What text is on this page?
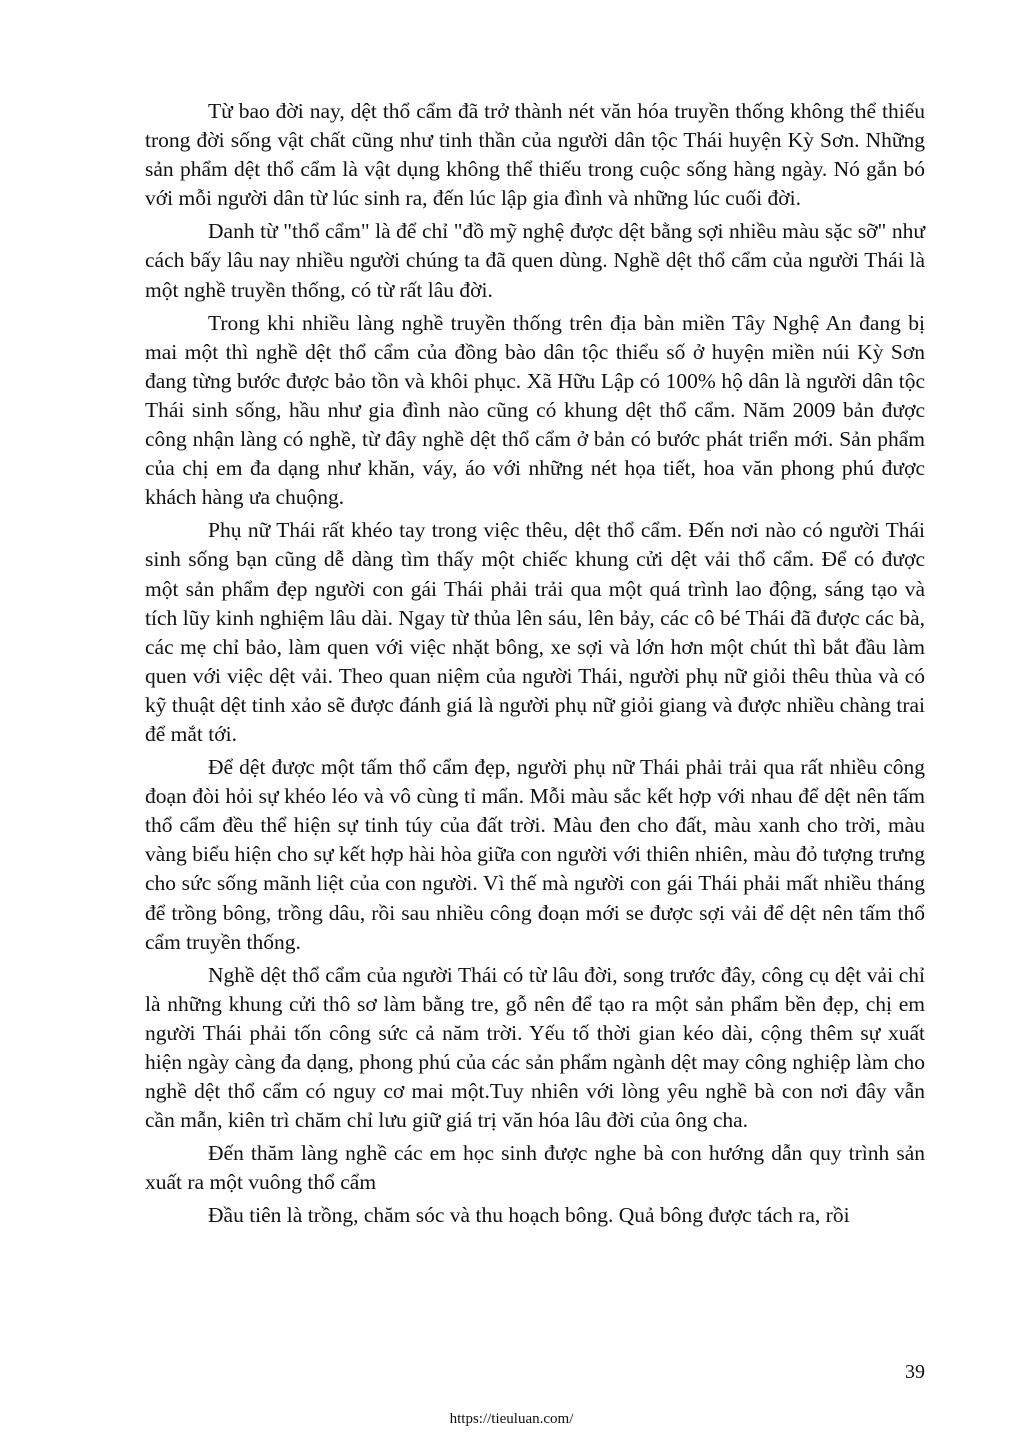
Từ bao đời nay, dệt thổ cẩm đã trở thành nét văn hóa truyền thống không thể thiếu trong đời sống vật chất cũng như tinh thần của người dân tộc Thái huyện Kỳ Sơn. Những sản phẩm dệt thổ cẩm là vật dụng không thể thiếu trong cuộc sống hàng ngày. Nó gắn bó với mỗi người dân từ lúc sinh ra, đến lúc lập gia đình và những lúc cuối đời.

Danh từ "thổ cẩm" là để chỉ "đồ mỹ nghệ được dệt bằng sợi nhiều màu sặc sỡ" như cách bấy lâu nay nhiều người chúng ta đã quen dùng. Nghề dệt thổ cẩm của người Thái là một nghề truyền thống, có từ rất lâu đời.

Trong khi nhiều làng nghề truyền thống trên địa bàn miền Tây Nghệ An đang bị mai một thì nghề dệt thổ cẩm của đồng bào dân tộc thiểu số ở huyện miền núi Kỳ Sơn đang từng bước được bảo tồn và khôi phục. Xã Hữu Lập có 100% hộ dân là người dân tộc Thái sinh sống, hầu như gia đình nào cũng có khung dệt thổ cẩm. Năm 2009 bản được công nhận làng có nghề, từ đây nghề dệt thổ cẩm ở bản có bước phát triển mới. Sản phẩm của chị em đa dạng như khăn, váy, áo với những nét họa tiết, hoa văn phong phú được khách hàng ưa chuộng.

Phụ nữ Thái rất khéo tay trong việc thêu, dệt thổ cẩm. Đến nơi nào có người Thái sinh sống bạn cũng dễ dàng tìm thấy một chiếc khung cửi dệt vải thổ cẩm. Để có được một sản phẩm đẹp người con gái Thái phải trải qua một quá trình lao động, sáng tạo và tích lũy kinh nghiệm lâu dài. Ngay từ thủa lên sáu, lên bảy, các cô bé Thái đã được các bà, các mẹ chỉ bảo, làm quen với việc nhặt bông, xe sợi và lớn hơn một chút thì bắt đầu làm quen với việc dệt vải. Theo quan niệm của người Thái, người phụ nữ giỏi thêu thùa và có kỹ thuật dệt tinh xảo sẽ được đánh giá là người phụ nữ giỏi giang và được nhiều chàng trai để mắt tới.

Để dệt được một tấm thổ cẩm đẹp, người phụ nữ Thái phải trải qua rất nhiều công đoạn đòi hỏi sự khéo léo và vô cùng tỉ mẩn. Mỗi màu sắc kết hợp với nhau để dệt nên tấm thổ cẩm đều thể hiện sự tinh túy của đất trời. Màu đen cho đất, màu xanh cho trời, màu vàng biểu hiện cho sự kết hợp hài hòa giữa con người với thiên nhiên, màu đỏ tượng trưng cho sức sống mãnh liệt của con người. Vì thế mà người con gái Thái phải mất nhiều tháng để trồng bông, trồng dâu, rồi sau nhiều công đoạn mới se được sợi vải để dệt nên tấm thổ cẩm truyền thống.

Nghề dệt thổ cẩm của người Thái có từ lâu đời, song trước đây, công cụ dệt vải chỉ là những khung cửi thô sơ làm bằng tre, gỗ nên để tạo ra một sản phẩm bền đẹp, chị em người Thái phải tốn công sức cả năm trời. Yếu tố thời gian kéo dài, cộng thêm sự xuất hiện ngày càng đa dạng, phong phú của các sản phẩm ngành dệt may công nghiệp làm cho nghề dệt thổ cẩm có nguy cơ mai một.Tuy nhiên với lòng yêu nghề bà con nơi đây vẫn cần mẫn, kiên trì chăm chỉ lưu giữ giá trị văn hóa lâu đời của ông cha.

Đến thăm làng nghề các em học sinh được nghe bà con hướng dẫn quy trình sản xuất ra một vuông thổ cẩm

Đầu tiên là trồng, chăm sóc và thu hoạch bông. Quả bông được tách ra, rồi

39
https://tieuluan.com/
